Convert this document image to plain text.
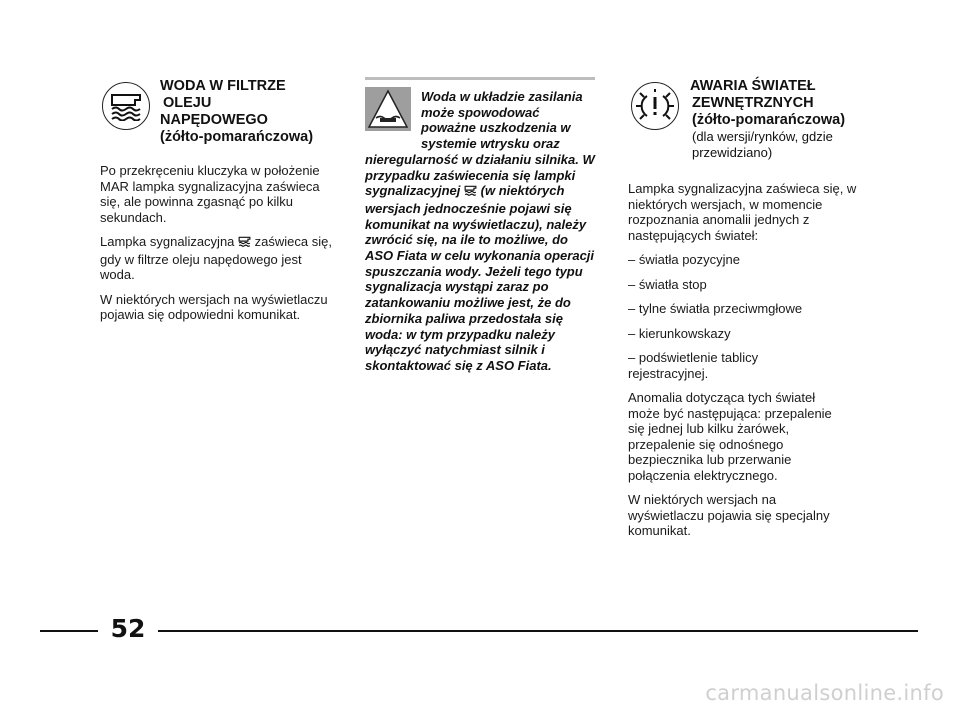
WODA W FILTRZE
OLEJU
NAPĘDOWEGO
(żółto-pomarańczowa)

Po przekręceniu kluczyka w położenie MAR lampka sygnalizacyjna zaświeca się, ale powinna zgasnąć po kilku sekundach.

Lampka sygnalizacyjna zaświeca się, gdy w filtrze oleju napędowego jest woda.

W niektórych wersjach na wyświetlaczu pojawia się odpowiedni komunikat.

Woda w układzie zasilania może spowodować poważne uszkodzenia w systemie wtrysku oraz nieregularność w działaniu silnika. W przypadku zaświecenia się lampki sygnalizacyjnej (w niektórych wersjach jednocześnie pojawi się komunikat na wyświetlaczu), należy zwrócić się, na ile to możliwe, do ASO Fiata w celu wykonania operacji spuszczania wody. Jeżeli tego typu sygnalizacja wystąpi zaraz po zatankowaniu możliwe jest, że do zbiornika paliwa przedostała się woda: w tym przypadku należy wyłączyć natychmiast silnik i skontaktować się z ASO Fiata.
AWARIA ŚWIATEŁ
ZEWNĘTRZNYCH
(żółto-pomarańczowa)
(dla wersji/rynków, gdzie
przewidziano)

Lampka sygnalizacyjna zaświeca się, w niektórych wersjach, w momencie rozpoznania anomalii jednych z następujących świateł:

– światła pozycyjne

– światła stop

– tylne światła przeciwmgłowe

– kierunkowskazy

– podświetlenie tablicy rejestracyjnej.

Anomalia dotycząca tych świateł może być następująca: przepalenie się jednej lub kilku żarówek, przepalenie się odnośnego bezpiecznika lub przerwanie połączenia elektrycznego.

W niektórych wersjach na wyświetlaczu pojawia się specjalny komunikat.

52
carmanualsonline.info
